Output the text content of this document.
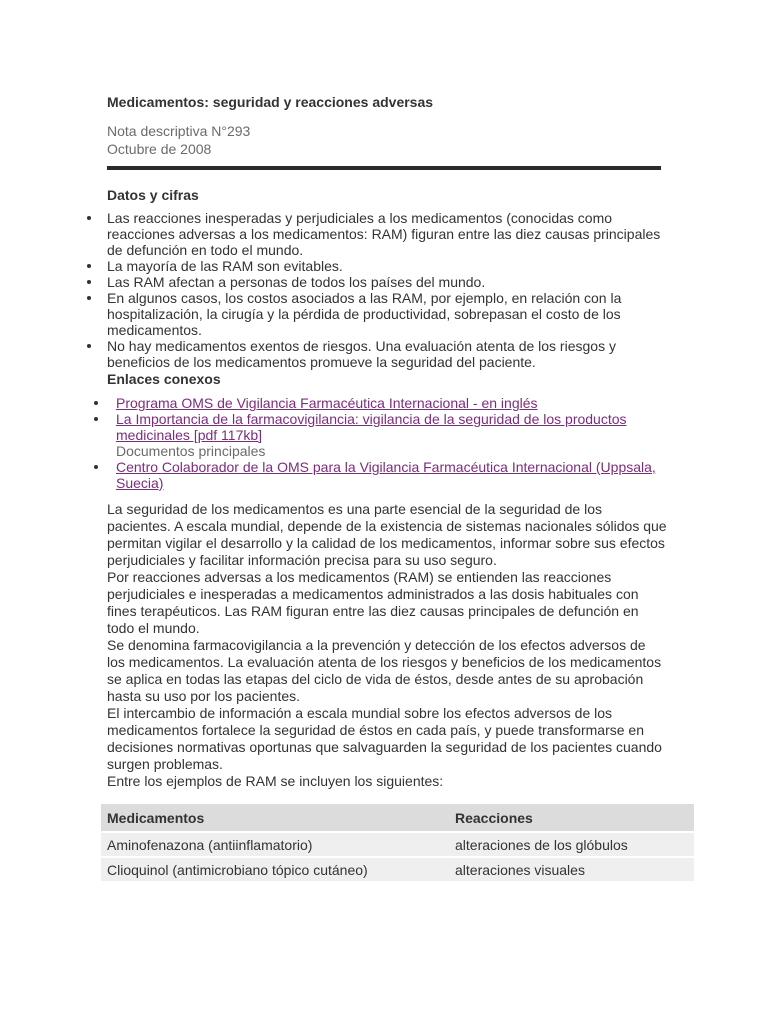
Medicamentos: seguridad y reacciones adversas
Nota descriptiva N°293
Octubre de 2008
Datos y cifras
Las reacciones inesperadas y perjudiciales a los medicamentos (conocidas como reacciones adversas a los medicamentos: RAM) figuran entre las diez causas principales de defunción en todo el mundo.
La mayoría de las RAM son evitables.
Las RAM afectan a personas de todos los países del mundo.
En algunos casos, los costos asociados a las RAM, por ejemplo, en relación con la hospitalización, la cirugía y la pérdida de productividad, sobrepasan el costo de los medicamentos.
No hay medicamentos exentos de riesgos. Una evaluación atenta de los riesgos y beneficios de los medicamentos promueve la seguridad del paciente.
Enlaces conexos
Programa OMS de Vigilancia Farmacéutica Internacional - en inglés
La Importancia de la farmacovigilancia: vigilancia de la seguridad de los productos medicinales [pdf 117kb]
Documentos principales
Centro Colaborador de la OMS para la Vigilancia Farmacéutica Internacional (Uppsala, Suecia)

La seguridad de los medicamentos es una parte esencial de la seguridad de los pacientes. A escala mundial, depende de la existencia de sistemas nacionales sólidos que permitan vigilar el desarrollo y la calidad de los medicamentos, informar sobre sus efectos perjudiciales y facilitar información precisa para su uso seguro.

Por reacciones adversas a los medicamentos (RAM) se entienden las reacciones perjudiciales e inesperadas a medicamentos administrados a las dosis habituales con fines terapéuticos. Las RAM figuran entre las diez causas principales de defunción en todo el mundo.

Se denomina farmacovigilancia a la prevención y detección de los efectos adversos de los medicamentos. La evaluación atenta de los riesgos y beneficios de los medicamentos se aplica en todas las etapas del ciclo de vida de éstos, desde antes de su aprobación hasta su uso por los pacientes.

El intercambio de información a escala mundial sobre los efectos adversos de los medicamentos fortalece la seguridad de éstos en cada país, y puede transformarse en decisiones normativas oportunas que salvaguarden la seguridad de los pacientes cuando surgen problemas.

Entre los ejemplos de RAM se incluyen los siguientes:

Medicamentos	Reacciones
Aminofenazona (antiinflamatorio)	alteraciones de los glóbulos
Clioquinol (antimicrobiano tópico cutáneo)	alteraciones visuales
